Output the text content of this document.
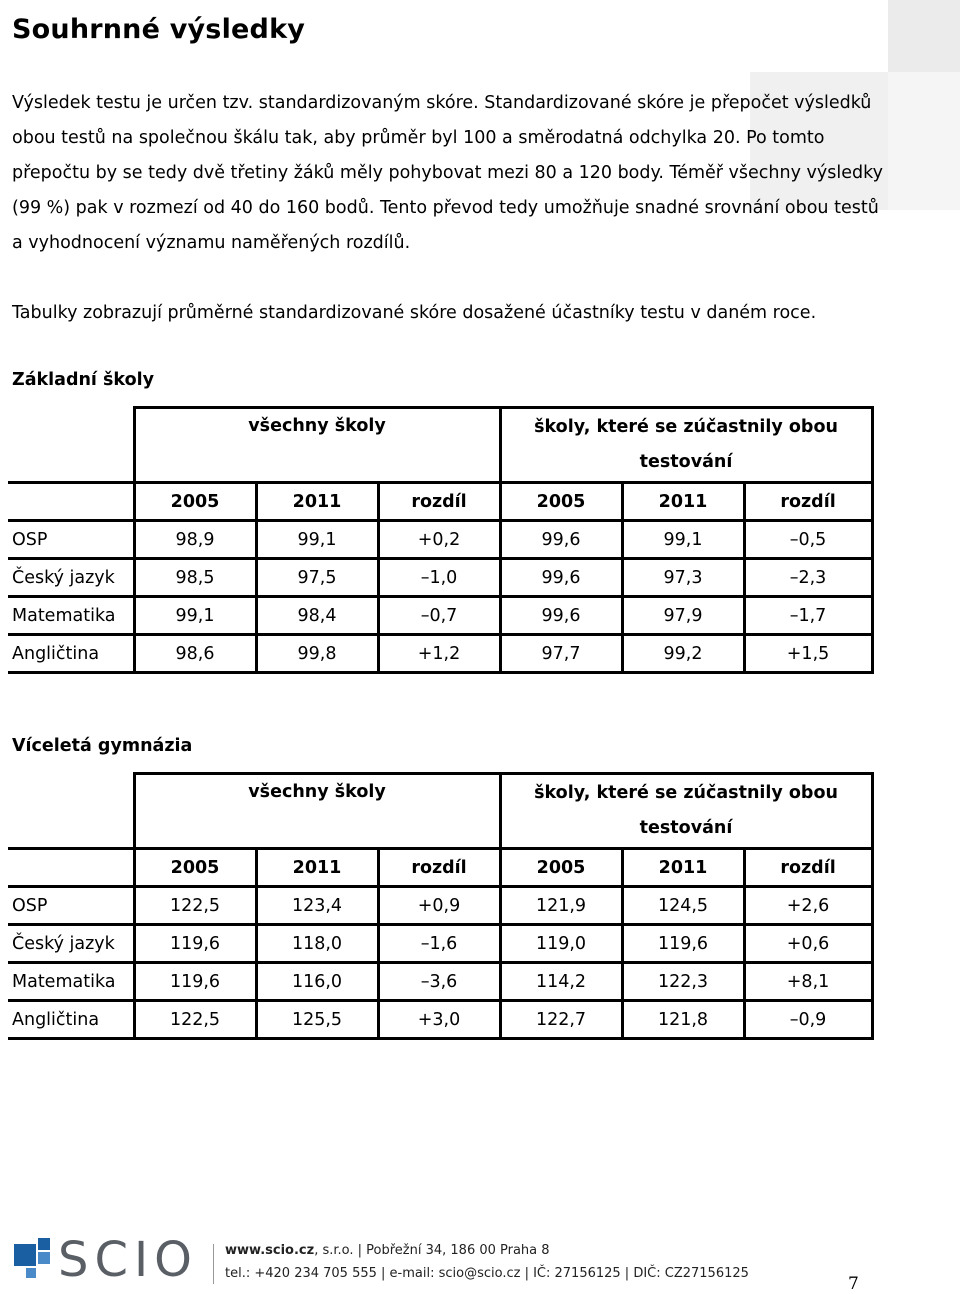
Souhrnné výsledky

Výsledek testu je určen tzv. standardizovaným skóre. Standardizované skóre je přepočet výsledků obou testů na společnou škálu tak, aby průměr byl 100 a směrodatná odchylka 20. Po tomto přepočtu by se tedy dvě třetiny žáků měly pohybovat mezi 80 a 120 body. Téměř všechny výsledky (99 %) pak v rozmezí od 40 do 160 bodů. Tento převod tedy umožňuje snadné srovnání obou testů a vyhodnocení významu naměřených rozdílů.

Tabulky zobrazují průměrné standardizované skóre dosažené účastníky testu v daném roce.

Základní školy

	všechny školy			školy, které se zúčastnily obou testování		

	2005	2011	rozdíl	2005	2011	rozdíl
OSP	98,9	99,1	+0,2	99,6	99,1	–0,5
Český jazyk	98,5	97,5	–1,0	99,6	97,3	–2,3
Matematika	99,1	98,4	–0,7	99,6	97,9	–1,7
Angličtina	98,6	99,8	+1,2	97,7	99,2	+1,5
Víceletá gymnázia

	všechny školy			školy, které se zúčastnily obou testování		

	2005	2011	rozdíl	2005	2011	rozdíl
OSP	122,5	123,4	+0,9	121,9	124,5	+2,6
Český jazyk	119,6	118,0	–1,6	119,0	119,6	+0,6
Matematika	119,6	116,0	–3,6	114,2	122,3	+8,1
Angličtina	122,5	125,5	+3,0	122,7	121,8	–0,9
SCIO www.scio.cz, s.r.o. | Pobřežní 34, 186 00 Praha 8
tel.: +420 234 705 555 | e-mail: scio@scio.cz | IČ: 27156125 | DIČ: CZ27156125
7
